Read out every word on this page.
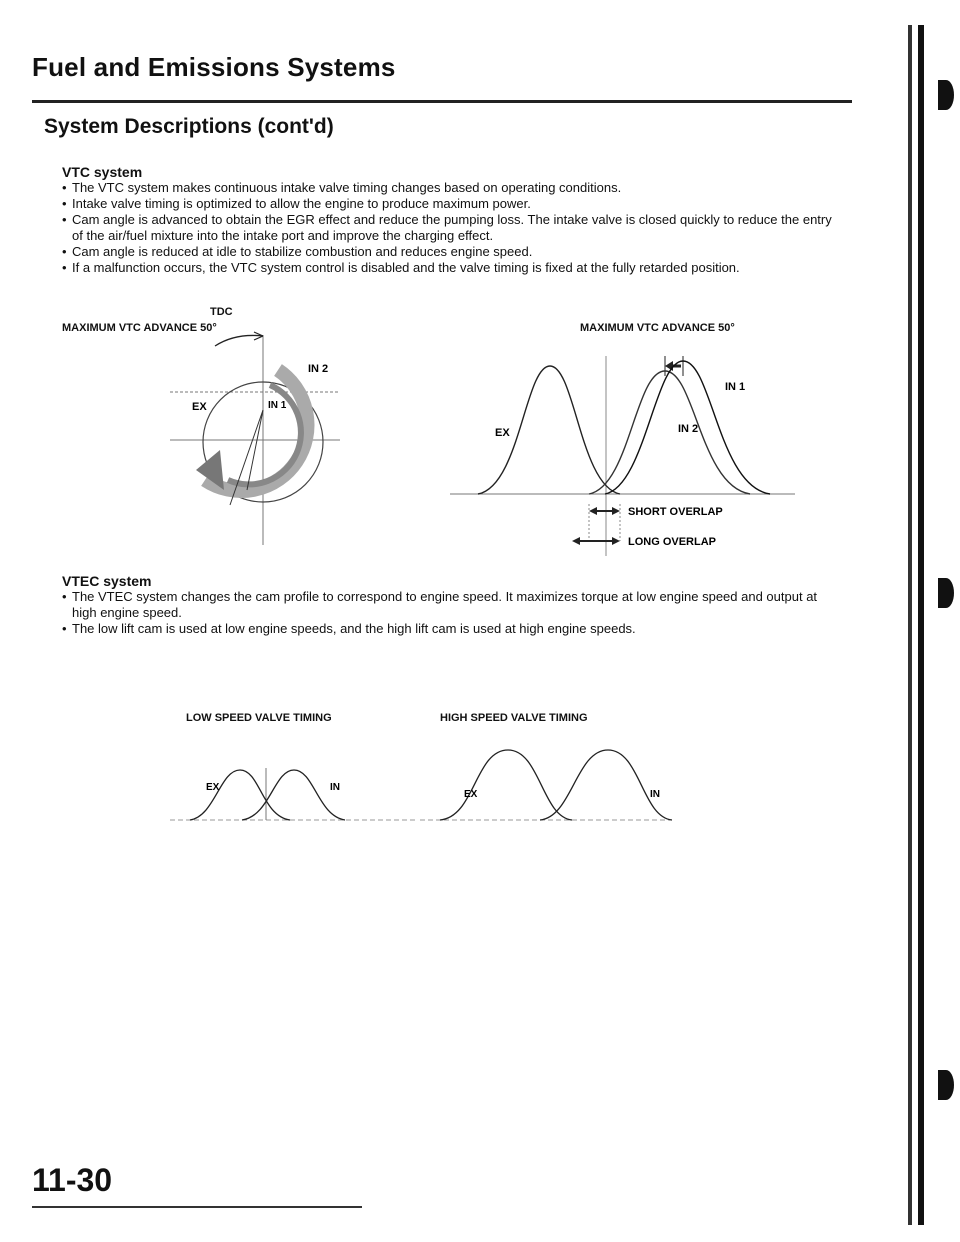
Fuel and Emissions Systems
System Descriptions (cont'd)
VTC system
• The VTC system makes continuous intake valve timing changes based on operating conditions.
• Intake valve timing is optimized to allow the engine to produce maximum power.
• Cam angle is advanced to obtain the EGR effect and reduce the pumping loss. The intake valve is closed quickly to reduce the entry of the air/fuel mixture into the intake port and improve the charging effect.
• Cam angle is reduced at idle to stabilize combustion and reduces engine speed.
• If a malfunction occurs, the VTC system control is disabled and the valve timing is fixed at the fully retarded position.
TDC
MAXIMUM VTC ADVANCE 50°
EX
IN 2
IN 1
MAXIMUM VTC ADVANCE 50°
EX
IN 1
IN 2
SHORT OVERLAP
LONG OVERLAP
VTEC system
• The VTEC system changes the cam profile to correspond to engine speed. It maximizes torque at low engine speed and output at high engine speed.
• The low lift cam is used at low engine speeds, and the high lift cam is used at high engine speeds.
LOW SPEED VALVE TIMING	HIGH SPEED VALVE TIMING
EX	IN
EX	IN
11-30
